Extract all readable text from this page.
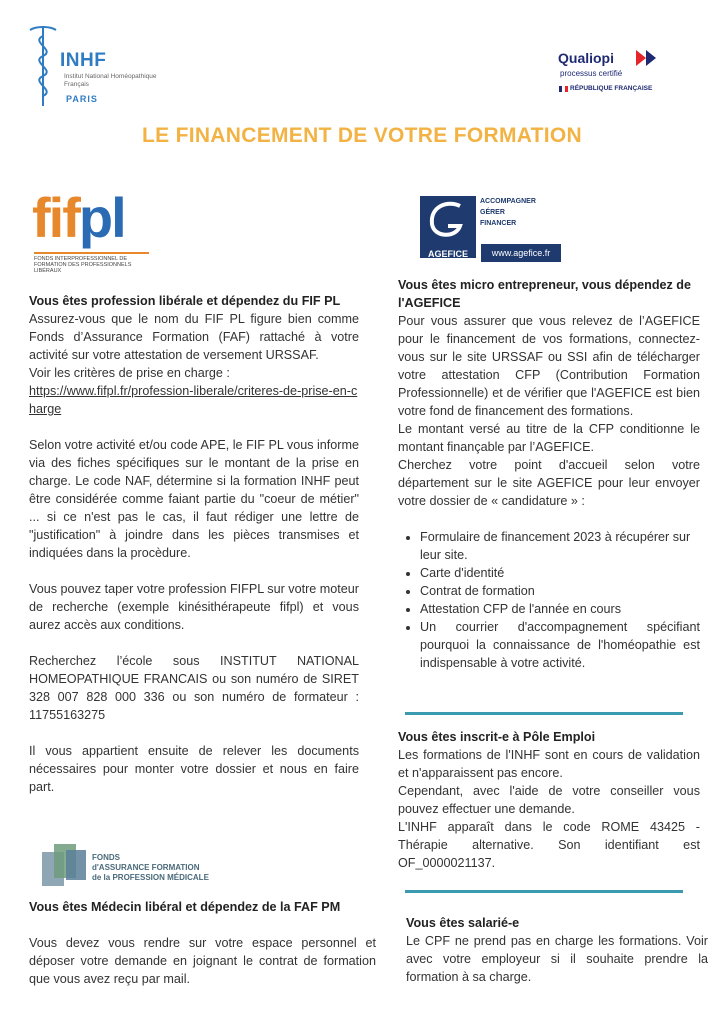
INHF
Institut National Homéopathique Français
PARIS
Qualiopi
processus certifié
RÉPUBLIQUE FRANÇAISE
LE FINANCEMENT DE VOTRE FORMATION
fifpl
FONDS INTERPROFESSIONNEL DE FORMATION DES PROFESSIONNELS LIBÉRAUX

Vous êtes profession libérale et dépendez du FIF PL

Assurez-vous que le nom du FIF PL figure bien comme Fonds d’Assurance Formation (FAF) rattaché à votre activité sur votre attestation de versement URSSAF.

Voir les critères de prise en charge :

https://www.fifpl.fr/profession-liberale/criteres-de-prise-en-charge

Selon votre activité et/ou code APE, le FIF PL vous informe via des fiches spécifiques sur le montant de la prise en charge. Le code NAF, détermine si la formation INHF peut être considérée comme faiant partie du "coeur de métier" ... si ce n'est pas le cas, il faut rédiger une lettre de "justification" à joindre dans les pièces transmises et indiquées dans la procèdure.

Vous pouvez taper votre profession FIFPL sur votre moteur de recherche (exemple kinésithérapeute fifpl) et vous aurez accès aux conditions.

Recherchez l’école sous INSTITUT NATIONAL HOMEOPATHIQUE FRANCAIS ou son numéro de SIRET 328 007 828 000 336 ou son numéro de formateur : 11755163275

Il vous appartient ensuite de relever les documents nécessaires pour monter votre dossier et nous en faire part.

FONDS
d'ASSURANCE FORMATION
de la PROFESSION MÉDICALE

Vous êtes Médecin libéral et dépendez de la FAF PM

Vous devez vous rendre sur votre espace personnel et déposer votre demande en joignant le contrat de formation que vous avez reçu par mail.

AGEFICE
ACCOMPAGNER
GÉRER
FINANCER
www.agefice.fr

Vous êtes micro entrepreneur, vous dépendez de l'AGEFICE

Pour vous assurer que vous relevez de l’AGEFICE pour le financement de vos formations, connectez-vous sur le site URSSAF ou SSI afin de télécharger votre attestation CFP (Contribution Formation Professionnelle) et de vérifier que l'AGEFICE est bien votre fond de financement des formations.

Le montant versé au titre de la CFP conditionne le montant finançable par l’AGEFICE.

Cherchez votre point d'accueil selon votre département sur le site AGEFICE pour leur envoyer votre dossier de « candidature » :

• Formulaire de financement 2023 à récupérer sur leur site.
• Carte d'identité
• Contrat de formation
• Attestation CFP de l'année en cours
• Un courrier d'accompagnement spécifiant pourquoi la connaissance de l'homéopathie est indispensable à votre activité.

Vous êtes inscrit-e à Pôle Emploi

Les formations de l'INHF sont en cours de validation et n'apparaissent pas encore.

Cependant, avec l'aide de votre conseiller vous pouvez effectuer une demande.

L'INHF apparaît dans le code ROME 43425 - Thérapie alternative. Son identifiant est OF_0000021137.

Vous êtes salarié-e

Le CPF ne prend pas en charge les formations. Voir avec votre employeur si il souhaite prendre la formation à sa charge.
